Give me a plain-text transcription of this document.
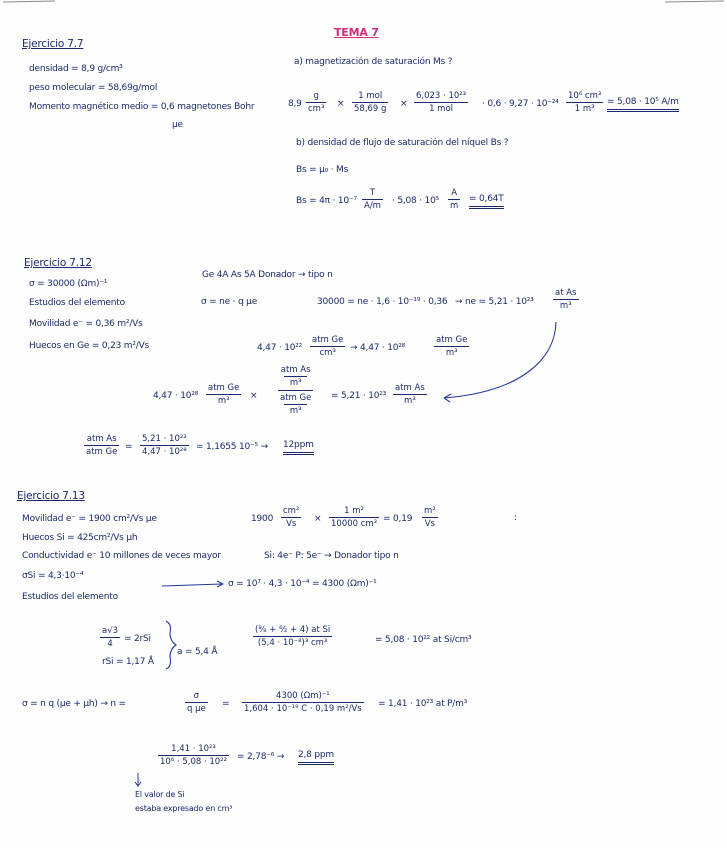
TEMA 7
Ejercicio 7.7
densidad = 8,9 g/cm³
peso molecular = 58,69g/mol
Momento magnético medio = 0,6 magnetones Bohr
μe
a) magnetización de saturación Ms ?
8,9
g
cm³ ×
1 mol
58,69 g ×
6,023 · 10²³
1 mol	· 0,6 · 9,27 · 10⁻²⁴
10⁶ cm³
1 m³
= 5,08 · 10⁵ A/m
b) densidad de flujo de saturación del níquel Bs ?
Bs = μ₀ · Ms
Bs = 4π · 10⁻⁷
T
A/m · 5,08 · 10⁵
A
m
= 0,64T
Ejercicio 7.12
σ = 30000 (Ωm)⁻¹
Estudios del elemento
Movilidad e⁻ = 0,36 m²/Vs
Huecos en Ge = 0,23 m²/Vs
Ge 4A As 5A Donador → tipo n
σ = ne · q μe	30000 = ne · 1,6 · 10⁻¹⁹ · 0,36 → ne = 5,21 · 10²³
at As
m³
4,47 · 10²²
atm Ge
cm³ → 4,47 · 10²⁸
atm Ge
m³
4,47 · 10²⁸
atm Ge
m³ ×
atm As
m³
atm Ge
m³
= 5,21 · 10²³
atm As
m³
atm As
atm Ge =
5,21 · 10²³
4,47 · 10²⁸ = 1,1655 10⁻⁵ → 12ppm
Ejercicio 7.13
Movilidad e⁻ = 1900 cm²/Vs μe
Huecos Si = 425cm²/Vs μh
Conductividad e⁻ 10 millones de veces mayor
σSi = 4,3·10⁻⁴
Estudios del elemento
1900
cm²
Vs ×
1 m²
10000 cm² = 0,19
m²
Vs
:
Si: 4e⁻ P: 5e⁻ → Donador tipo n
σ = 10⁷ · 4,3 · 10⁻⁴ = 4300 (Ωm)⁻¹
a√3
4 = 2rSi
rSi = 1,17 Å
a = 5,4 Å
(⁸⁄₈ + ⁶⁄₂ + 4) at Si
(5,4 · 10⁻⁸)³ cm³	= 5,08 · 10²² at Si/cm³
σ = n q (μe + μh) → n =
σ
q μe =
4300 (Ωm)⁻¹
1,604 · 10⁻¹⁹ C · 0,19 m²/Vs = 1,41 · 10²³ at P/m³
1,41 · 10²³
10⁶ · 5,08 · 10²² = 2,78⁻⁶ → 2,8 ppm
El valor de Si
estaba expresado en cm³
